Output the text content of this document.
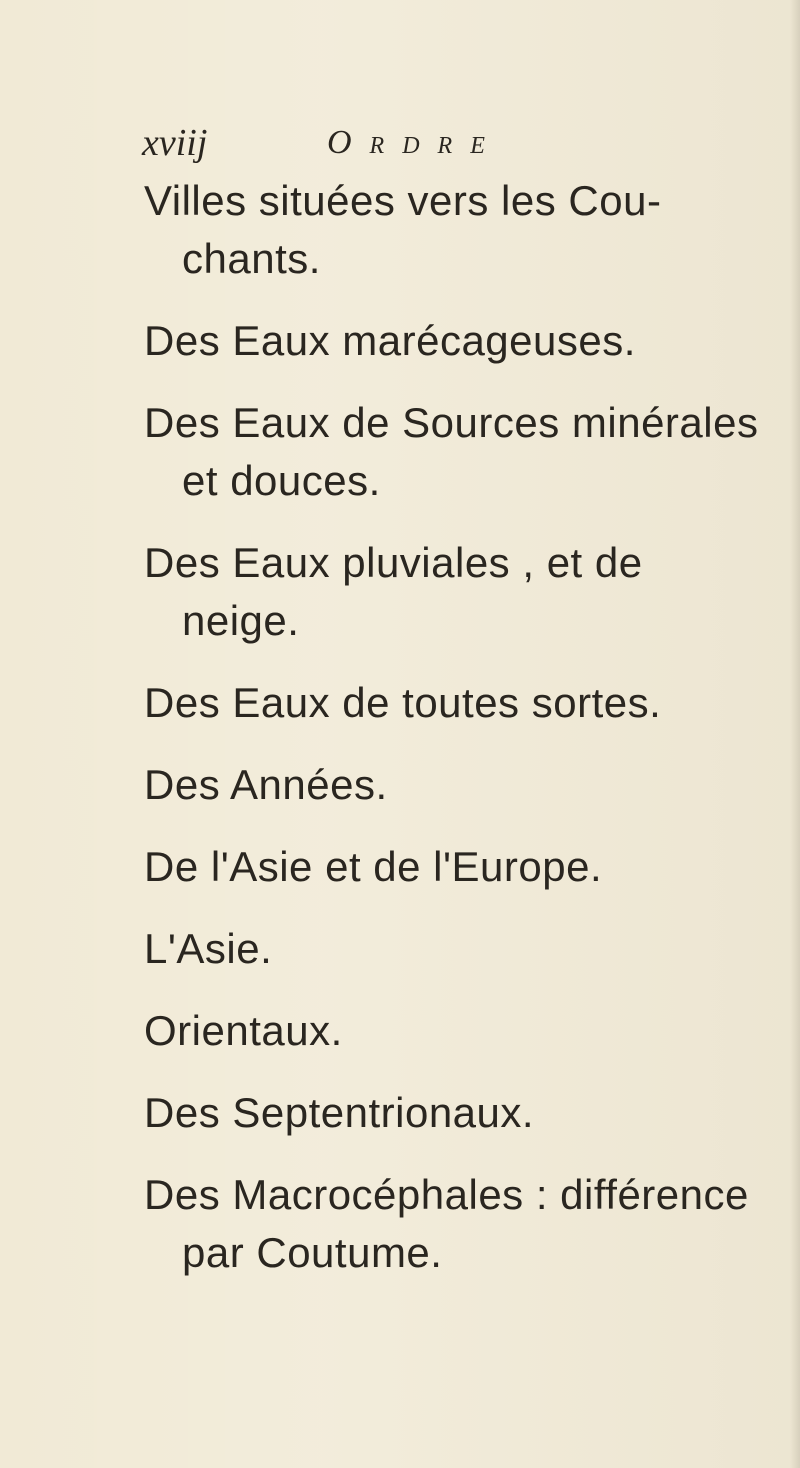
xviij	Ordre
Villes situées vers les Cou-
chants.
Des Eaux marécageuses.
Des Eaux de Sources minérales
et douces.
Des Eaux pluviales , et de
neige.
Des Eaux de toutes sortes.
Des Années.
De l'Asie et de l'Europe.
L'Asie.
Orientaux.
Des Septentrionaux.
Des Macrocéphales : différence
par Coutume.
